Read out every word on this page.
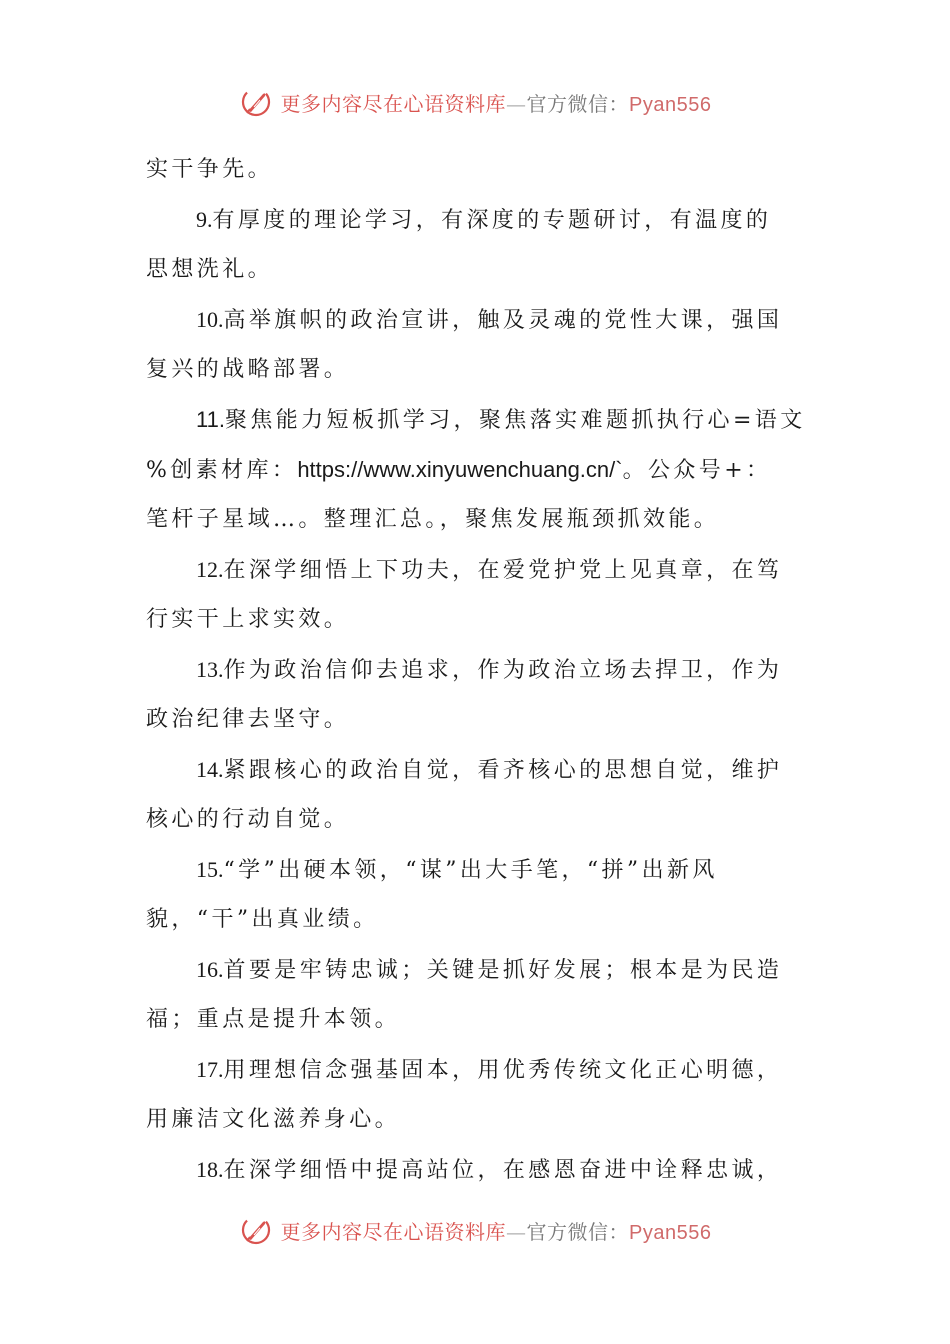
更多内容尽在心语资料库—官方微信：Pyan556
实干争先。
9.有厚度的理论学习，有深度的专题研讨，有温度的
思想洗礼。
10.高举旗帜的政治宣讲，触及灵魂的党性大课，强国
复兴的战略部署。
11.聚焦能力短板抓学习，聚焦落实难题抓执行心=语文
%创素材库：https://www.xinyuwenchuang.cn/`。公众号+：
笔杆子星域…。整理汇总。，聚焦发展瓶颈抓效能。
12.在深学细悟上下功夫，在爱党护党上见真章，在笃
行实干上求实效。
13.作为政治信仰去追求，作为政治立场去捍卫，作为
政治纪律去坚守。
14.紧跟核心的政治自觉，看齐核心的思想自觉，维护
核心的行动自觉。
15.“学”出硬本领，“谋”出大手笔，“拼”出新风
貌，“干”出真业绩。
16.首要是牢铸忠诚；关键是抓好发展；根本是为民造
福；重点是提升本领。
17.用理想信念强基固本，用优秀传统文化正心明德，
用廉洁文化滋养身心。
18.在深学细悟中提高站位，在感恩奋进中诠释忠诚，
更多内容尽在心语资料库—官方微信：Pyan556
